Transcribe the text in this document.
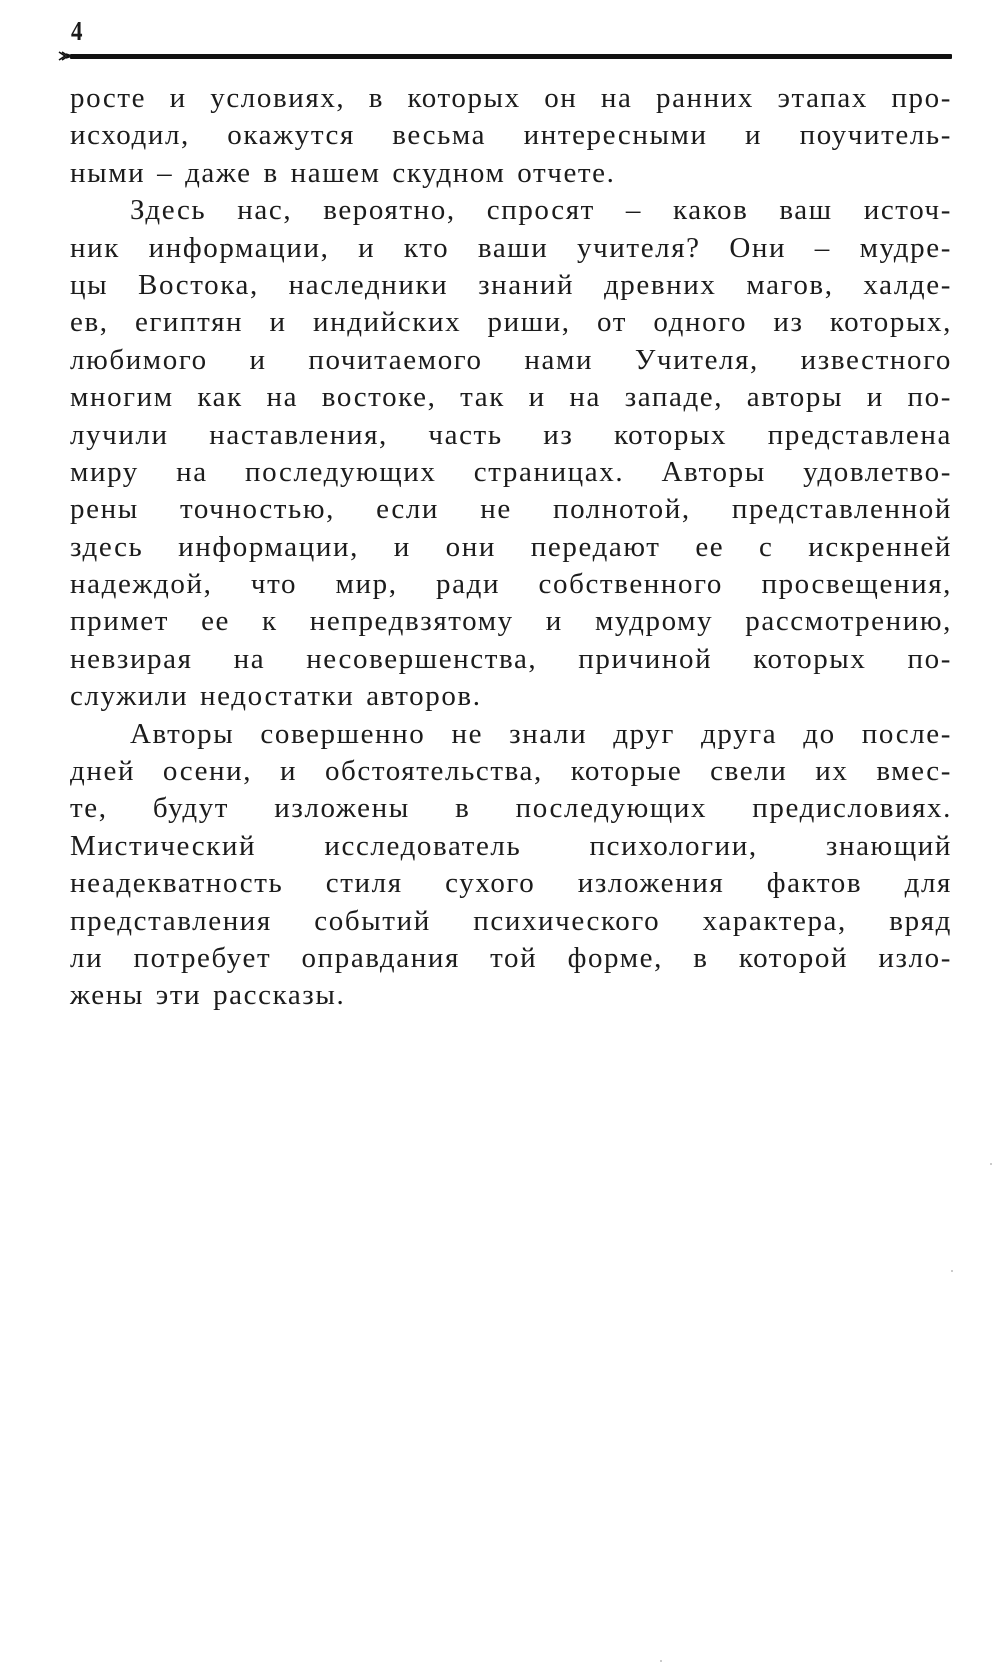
4

росте и условиях, в которых он на ранних этапах про-
исходил, окажутся весьма интересными и поучитель-
ными – даже в нашем скудном отчете.

Здесь нас, вероятно, спросят – каков ваш источ-
ник информации, и кто ваши учителя? Они – мудре-
цы Востока, наследники знаний древних магов, халде-
ев, египтян и индийских риши, от одного из которых,
любимого и почитаемого нами Учителя, известного
многим как на востоке, так и на западе, авторы и по-
лучили наставления, часть из которых представлена
миру на последующих страницах. Авторы удовлетво-
рены точностью, если не полнотой, представленной
здесь информации, и они передают ее с искренней
надеждой, что мир, ради собственного просвещения,
примет ее к непредвзятому и мудрому рассмотрению,
невзирая на несовершенства, причиной которых по-
служили недостатки авторов.

Авторы совершенно не знали друг друга до после-
дней осени, и обстоятельства, которые свели их вмес-
те, будут изложены в последующих предисловиях.
Мистический исследователь психологии, знающий
неадекватность стиля сухого изложения фактов для
представления событий психического характера, вряд
ли потребует оправдания той форме, в которой изло-
жены эти рассказы.
